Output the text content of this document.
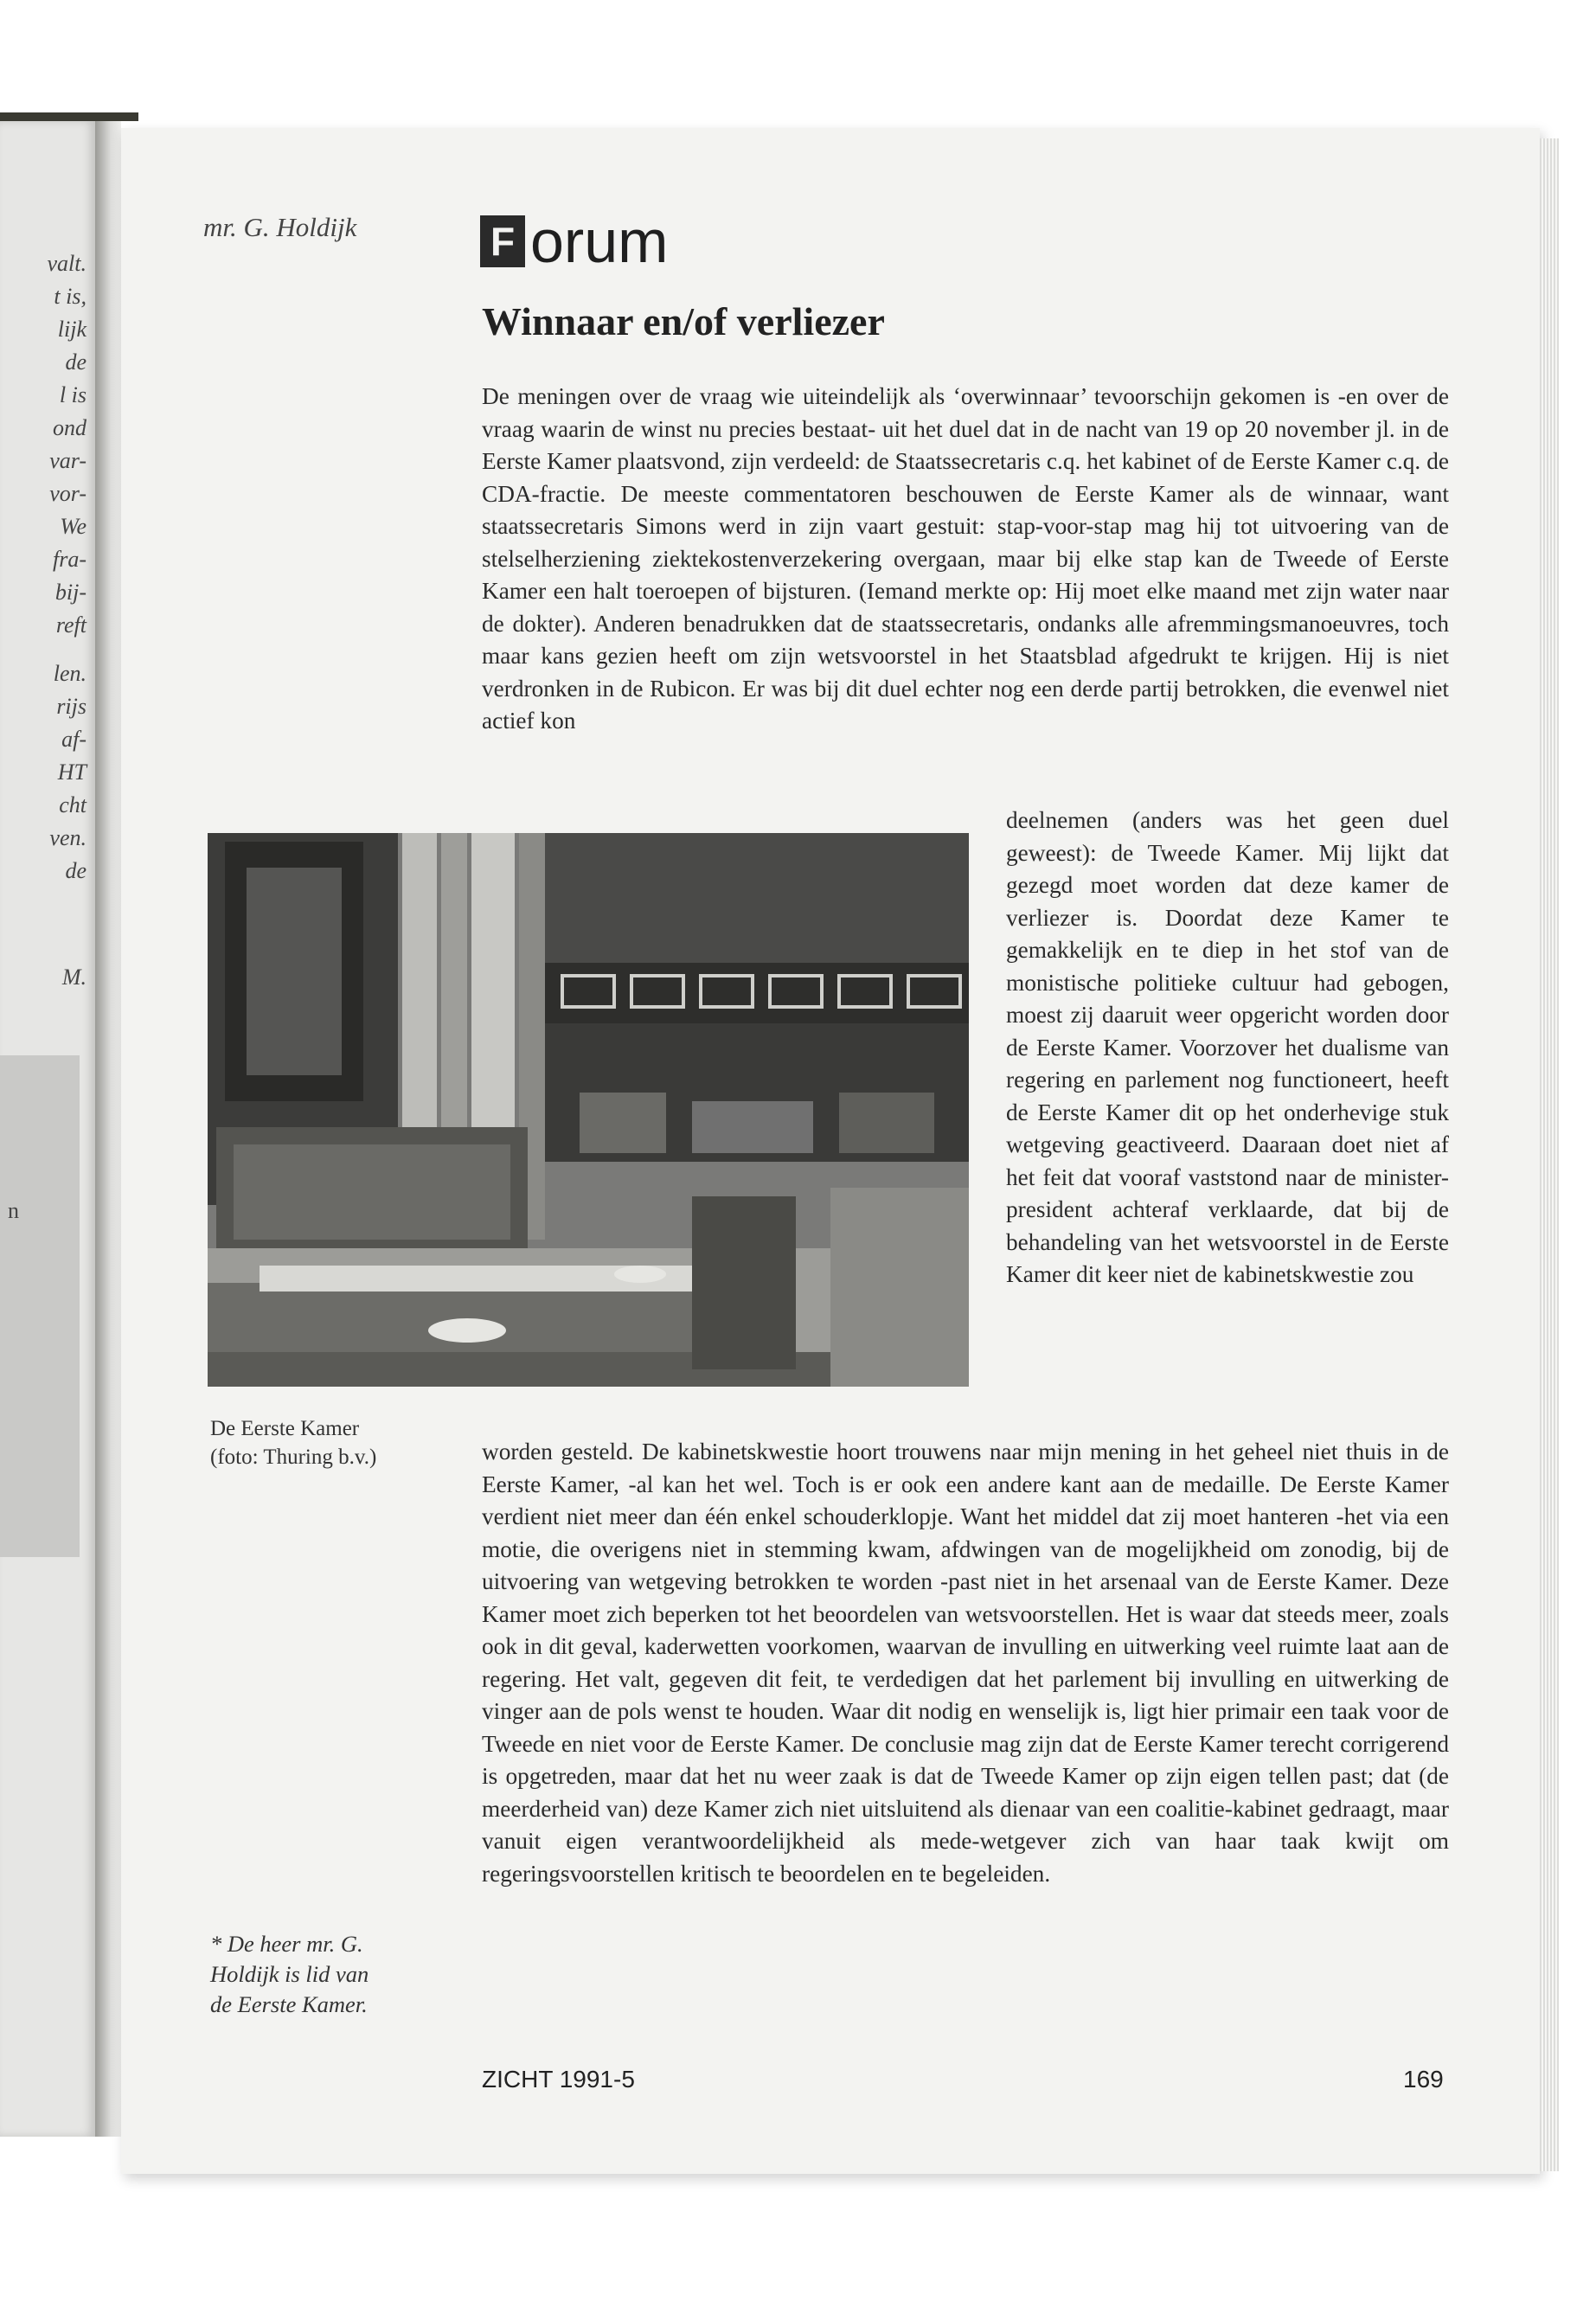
valt.
t is,
lijk
de
l is
ond
var-
vor-
We
fra-
bij-
reft
len.
rijs
af-
HT
cht
ven.
de
M.
n
mr. G. Holdijk	F orum
Winnaar en/of verliezer

De meningen over de vraag wie uiteindelijk als ‘overwinnaar’ tevoorschijn gekomen is -en over de vraag waarin de winst nu precies bestaat- uit het duel dat in de nacht van 19 op 20 november jl. in de Eerste Kamer plaatsvond, zijn verdeeld: de Staatssecretaris c.q. het kabinet of de Eerste Kamer c.q. de CDA-fractie. De meeste commentatoren beschouwen de Eerste Kamer als de winnaar, want staatssecretaris Simons werd in zijn vaart gestuit: stap-voor-stap mag hij tot uitvoering van de stelselherziening ziektekostenverzekering overgaan, maar bij elke stap kan de Tweede of Eerste Kamer een halt toeroepen of bijsturen. (Iemand merkte op: Hij moet elke maand met zijn water naar de dokter). Anderen benadrukken dat de staatssecretaris, ondanks alle afremmingsmanoeuvres, toch maar kans gezien heeft om zijn wetsvoorstel in het Staatsblad afgedrukt te krijgen. Hij is niet verdronken in de Rubicon. Er was bij dit duel echter nog een derde partij betrokken, die evenwel niet actief kon

deelnemen (anders was het geen duel geweest): de Tweede Kamer. Mij lijkt dat gezegd moet worden dat deze kamer de verliezer is. Doordat deze Kamer te gemakkelijk en te diep in het stof van de monistische politieke cultuur had gebogen, moest zij daaruit weer opgericht worden door de Eerste Kamer. Voorzover het dualisme van regering en parlement nog functioneert, heeft de Eerste Kamer dit op het onderhevige stuk wetgeving geactiveerd. Daaraan doet niet af het feit dat vooraf vaststond naar de minister-president achteraf verklaarde, dat bij de behandeling van het wetsvoorstel in de Eerste Kamer dit keer niet de kabinetskwestie zou

De Eerste Kamer

(foto: Thuring b.v.)	worden gesteld. De kabinetskwestie hoort trouwens naar mijn mening in het geheel niet thuis in de Eerste Kamer, -al kan het wel. Toch is er ook een andere kant aan de medaille. De Eerste Kamer verdient niet meer dan één enkel schouderklopje. Want het middel dat zij moet hanteren -het via een motie, die overigens niet in stemming kwam, afdwingen van de mogelijkheid om zonodig, bij de uitvoering van wetgeving betrokken te worden -past niet in het arsenaal van de Eerste Kamer. Deze Kamer moet zich beperken tot het beoordelen van wetsvoorstellen. Het is waar dat steeds meer, zoals ook in dit geval, kaderwetten voorkomen, waarvan de invulling en uitwerking veel ruimte laat aan de regering. Het valt, gegeven dit feit, te verdedigen dat het parlement bij invulling en uitwerking de vinger aan de pols wenst te houden. Waar dit nodig en wenselijk is, ligt hier primair een taak voor de Tweede en niet voor de Eerste Kamer. De conclusie mag zijn dat de Eerste Kamer terecht corrigerend is opgetreden, maar dat het nu weer zaak is dat de Tweede Kamer op zijn eigen tellen past; dat (de meerderheid van) deze Kamer zich niet uitsluitend als dienaar van een coalitie-kabinet gedraagt, maar vanuit eigen verantwoordelijkheid als mede-wetgever zich van haar taak kwijt om regeringsvoorstellen kritisch te beoordelen en te begeleiden.

* De heer mr. G.

Holdijk is lid van

de Eerste Kamer.

ZICHT 1991-5	169
